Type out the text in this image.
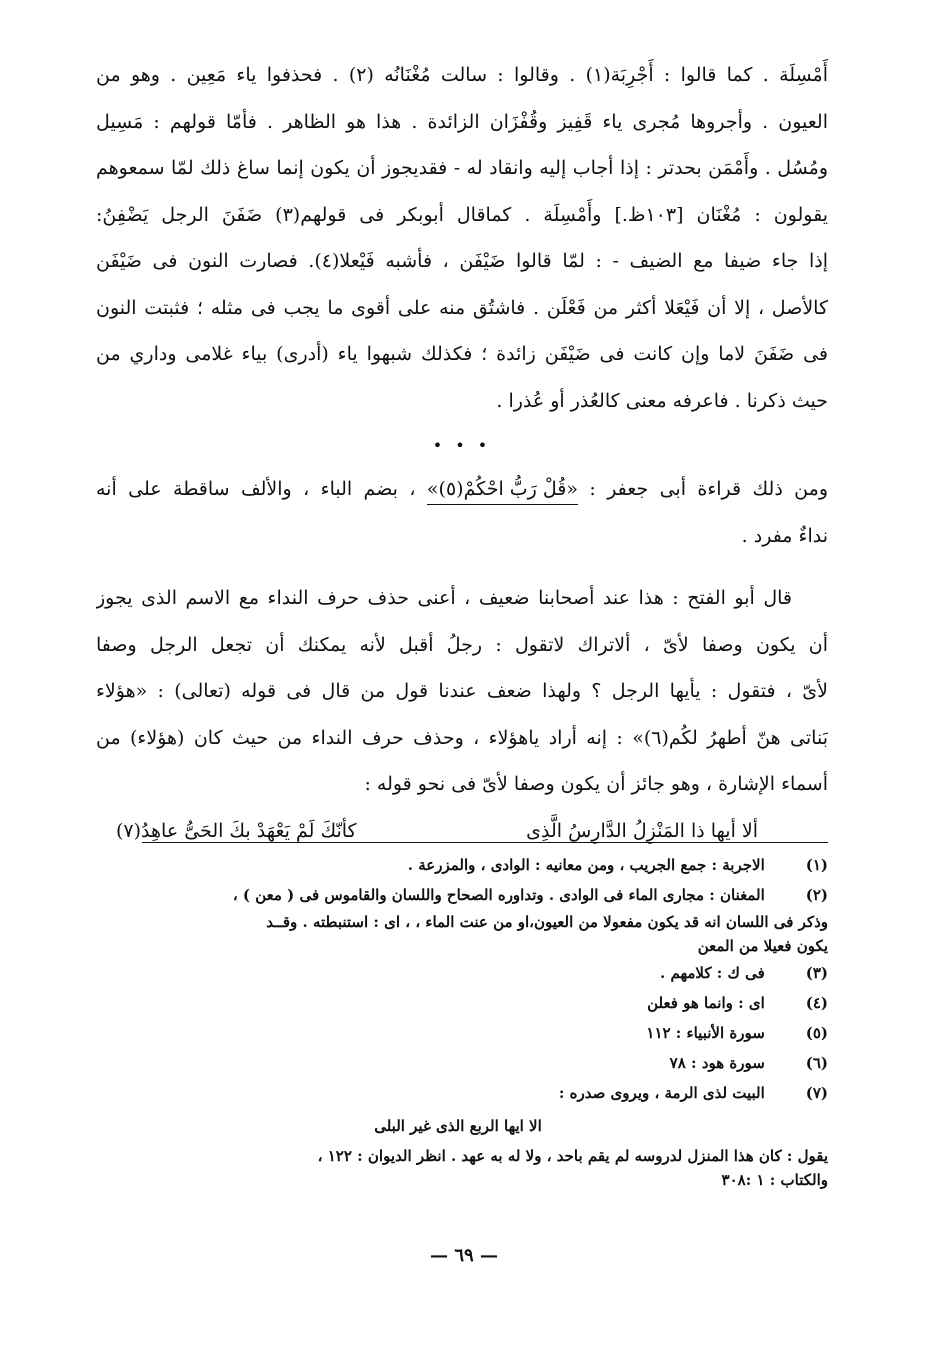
أَمْسِلَة . كما قالوا : أَجْرِبَة(١) . وقالوا : سالت مُغْنَانُه (٢) . فحذفوا ياء مَعِين . وهو من
العيون . وأجروها مُجرى ياء قَفِيز وقُفْزَان الزائدة . هذا هو الظاهر . فأمّا قولهم : مَسِيل
ومُسُل . وأَمْمَن بحدتر : إذا أجاب إليه وانقاد له - فقديجوز أن يكون إنما ساغ ذلك لمّا سمعوهم
يقولون : مُغْنَان [١٠٣ظ.] وأَمْسِلَة . كماقال أبوبكر فى قولهم(٣) ضَفَنَ الرجل يَضْفِنُ:
إذا جاء ضيفا مع الضيف - : لمّا قالوا ضَيْفَن ، فأشبه فَيْعلا(٤). فصارت النون فى ضَيْفَن
كالأصل ، إلا أن فَيْعَلا أكثر من فَعْلَن . فاشتُق منه على أقوى ما يجب فى مثله ؛ فثبتت النون
فى ضَفَنَ لاما وإن كانت فى ضَيْفَن زائدة ؛ فكذلك شبهوا ياء (أدرى) بياء غلامى وداري من
حيث ذكرنا . فاعرفه معنى كالعُذر أو عُذرا .
• • •
ومن ذلك قراءة أبى جعفر : «قُلْ رَبُّ احْكُمْ(٥)» ، بضم الباء ، والألف ساقطة على أنه
نداءٌ مفرد .
قال أبو الفتح : هذا عند أصحابنا ضعيف ، أعنى حذف حرف النداء مع الاسم الذى يجوز
أن يكون وصفا لأىّ ، ألاتراك لاتقول : رجلُ أقبل لأنه يمكنك أن تجعل الرجل وصفا
لأىّ ، فتقول : يأيها الرجل ؟ ولهذا ضعف عندنا قول من قال فى قوله (تعالى) : «هؤلاء
بَناتى هنّ أطهرُ لكُم(٦)» : إنه أراد ياهؤلاء ، وحذف حرف النداء من حيث كان (هؤلاء) من
أسماء الإشارة ، وهو جائز أن يكون وصفا لأىّ فى نحو قوله :
ألا أيها ذا المَنْزِلُ الدَّارِسُ الَّذِى
كأنّكَ لَمْ يَعْهَدْ بكَ الحَىُّ عاهِدُ(٧)
(١) الاجربة : جمع الجريب ، ومن معانيه : الوادى ، والمزرعة .
(٢) المغنان : مجارى الماء فى الوادى . وتداوره الصحاح واللسان والقاموس فى ( معن ) ،
وذكر فى اللسان انه قد يكون مفعولا من العيون،او من عنت الماء ، ، اى : استنبطته . وقــد
يكون فعيلا من المعن
(٣) فى ك : كلامهم .
(٤) اى : وانما هو فعلن
(٥) سورة الأنبياء : ١١٢
(٦) سورة هود : ٧٨
(٧) البيت لذى الرمة ، ويروى صدره :
الا ايها الربع الذى غير البلى
يقول : كان هذا المنزل لدروسه لم يقم باحد ، ولا له به عهد . انظر الديوان : ١٢٢ ،
والكتاب : ١ :٣٠٨
— ٦٩ —
